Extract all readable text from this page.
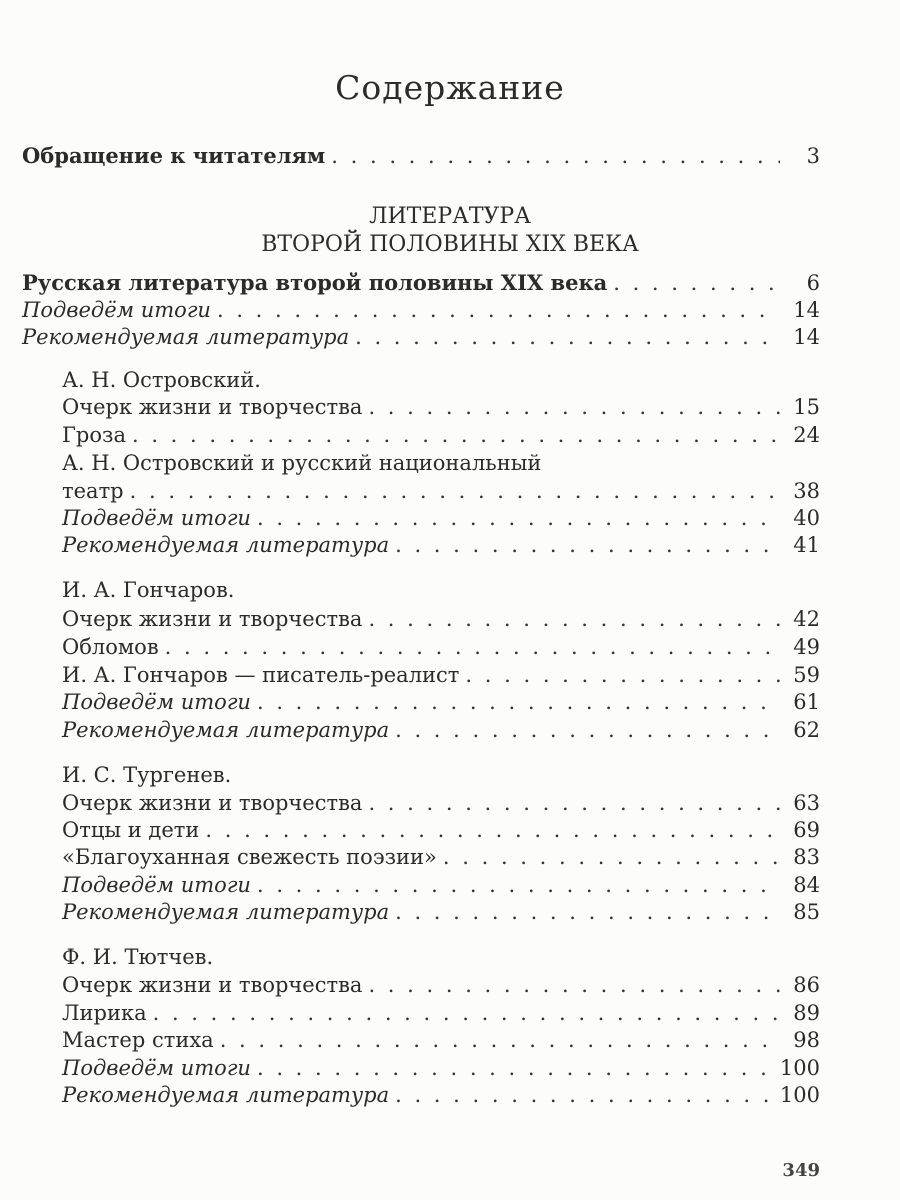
Содержание
ЛИТЕРАТУРА
ВТОРОЙ ПОЛОВИНЫ XIX ВЕКА
Обращение к читателям . . .	3
Русская литература второй половины XIX века . . .	6
Подведём итоги . . .	14
Рекомендуемая литература . . .	14
А. Н. Островский.
Очерк жизни и творчества . . .	15
Гроза . . .	24
А. Н. Островский и русский национальный
театр . . .	38
Подведём итоги . . .	40
Рекомендуемая литература . . .	41
И. А. Гончаров.
Очерк жизни и творчества . . .	42
Обломов . . .	49
И. А. Гончаров — писатель-реалист . . .	59
Подведём итоги . . .	61
Рекомендуемая литература . . .	62
И. С. Тургенев.
Очерк жизни и творчества . . .	63
Отцы и дети . . .	69
«Благоуханная свежесть поэзии» . . .	83
Подведём итоги . . .	84
Рекомендуемая литература . . .	85
Ф. И. Тютчев.
Очерк жизни и творчества . . .	86
Лирика . . .	89
Мастер стиха . . .	98
Подведём итоги . . .	100
Рекомендуемая литература . . .	100
349
